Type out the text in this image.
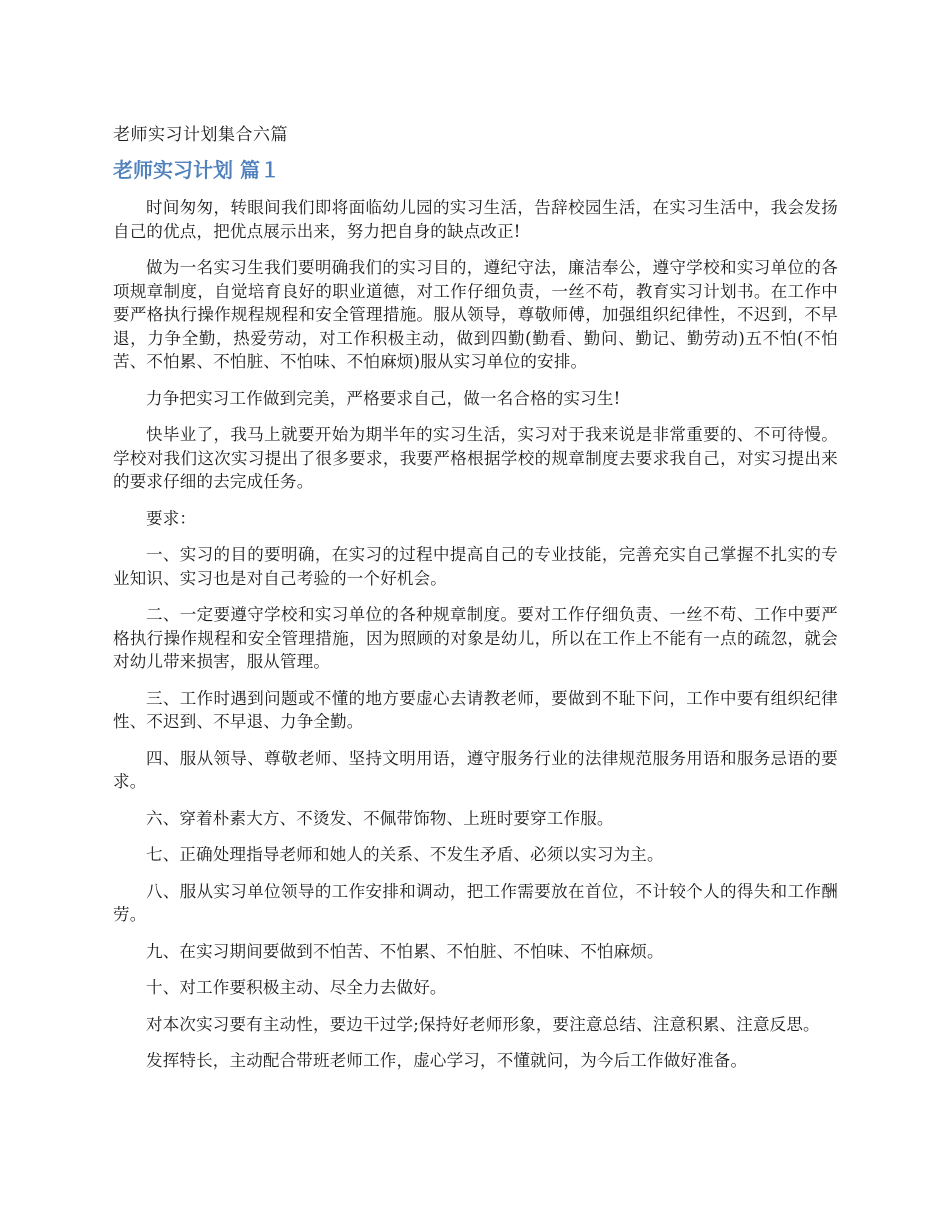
老师实习计划集合六篇
老师实习计划 篇１

时间匆匆，转眼间我们即将面临幼儿园的实习生活，告辞校园生活，在实习生活中，我会发扬自己的优点，把优点展示出来，努力把自身的缺点改正!

做为一名实习生我们要明确我们的实习目的，遵纪守法，廉洁奉公，遵守学校和实习单位的各项规章制度，自觉培育良好的职业道德，对工作仔细负责，一丝不苟，教育实习计划书。在工作中要严格执行操作规程规程和安全管理措施。服从领导，尊敬师傅，加强组织纪律性，不迟到，不早退，力争全勤，热爱劳动，对工作积极主动，做到四勤(勤看、勤问、勤记、勤劳动)五不怕(不怕苦、不怕累、不怕脏、不怕味、不怕麻烦)服从实习单位的安排。

力争把实习工作做到完美，严格要求自己，做一名合格的实习生!

快毕业了，我马上就要开始为期半年的实习生活，实习对于我来说是非常重要的、不可待慢。学校对我们这次实习提出了很多要求，我要严格根据学校的规章制度去要求我自己，对实习提出来的要求仔细的去完成任务。

要求：

一、实习的目的要明确，在实习的过程中提高自己的专业技能，完善充实自己掌握不扎实的专业知识、实习也是对自己考验的一个好机会。

二、一定要遵守学校和实习单位的各种规章制度。要对工作仔细负责、一丝不苟、工作中要严格执行操作规程和安全管理措施，因为照顾的对象是幼儿，所以在工作上不能有一点的疏忽，就会对幼儿带来损害，服从管理。

三、工作时遇到问题或不懂的地方要虚心去请教老师，要做到不耻下问，工作中要有组织纪律性、不迟到、不早退、力争全勤。

四、服从领导、尊敬老师、坚持文明用语，遵守服务行业的法律规范服务用语和服务忌语的要求。

六、穿着朴素大方、不烫发、不佩带饰物、上班时要穿工作服。

七、正确处理指导老师和她人的关系、不发生矛盾、必须以实习为主。

八、服从实习单位领导的工作安排和调动，把工作需要放在首位，不计较个人的得失和工作酬劳。

九、在实习期间要做到不怕苦、不怕累、不怕脏、不怕味、不怕麻烦。

十、对工作要积极主动、尽全力去做好。

对本次实习要有主动性，要边干过学;保持好老师形象，要注意总结、注意积累、注意反思。

发挥特长，主动配合带班老师工作，虚心学习，不懂就问，为今后工作做好准备。
